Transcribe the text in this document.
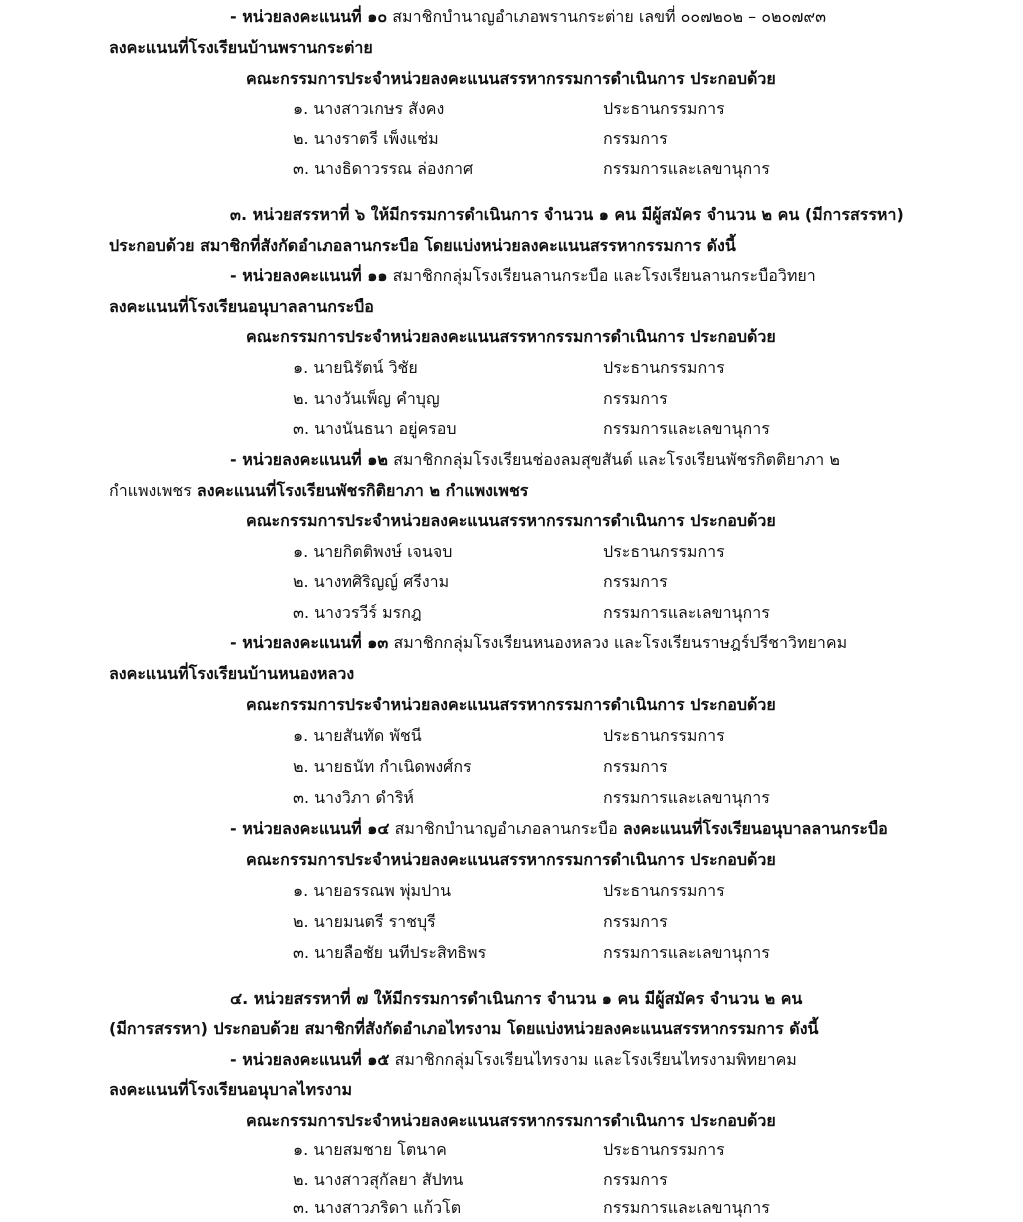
- หน่วยลงคะแนนที่ ๑๐ สมาชิกบำนาญอำเภอพรานกระต่าย เลขที่ ๐๐๗๒๐๒ – ๐๒๐๗๙๓
ลงคะแนนที่โรงเรียนบ้านพรานกระต่าย
คณะกรรมการประจำหน่วยลงคะแนนสรรหากรรมการดำเนินการ ประกอบด้วย
๑. นางสาวเกษร สังคง	ประธานกรรมการ
๒. นางราตรี เพ็งแช่ม	กรรมการ
๓. นางธิดาวรรณ ล่องกาศ	กรรมการและเลขานุการ
๓. หน่วยสรรหาที่ ๖ ให้มีกรรมการดำเนินการ จำนวน ๑ คน มีผู้สมัคร จำนวน ๒ คน (มีการสรรหา)
ประกอบด้วย สมาชิกที่สังกัดอำเภอลานกระบือ โดยแบ่งหน่วยลงคะแนนสรรหากรรมการ ดังนี้
- หน่วยลงคะแนนที่ ๑๑ สมาชิกกลุ่มโรงเรียนลานกระบือ และโรงเรียนลานกระบือวิทยา
ลงคะแนนที่โรงเรียนอนุบาลลานกระบือ
คณะกรรมการประจำหน่วยลงคะแนนสรรหากรรมการดำเนินการ ประกอบด้วย
๑. นายนิรัตน์ วิชัย	ประธานกรรมการ
๒. นางวันเพ็ญ คำบุญ	กรรมการ
๓. นางนันธนา อยู่ครอบ	กรรมการและเลขานุการ
- หน่วยลงคะแนนที่ ๑๒ สมาชิกกลุ่มโรงเรียนช่องลมสุขสันต์ และโรงเรียนพัชรกิตติยาภา ๒
กำแพงเพชร ลงคะแนนที่โรงเรียนพัชรกิติยาภา ๒ กำแพงเพชร
คณะกรรมการประจำหน่วยลงคะแนนสรรหากรรมการดำเนินการ ประกอบด้วย
๑. นายกิตติพงษ์ เจนจบ	ประธานกรรมการ
๒. นางทศิริญญ์ ศรีงาม	กรรมการ
๓. นางวรวีร์ มรกฎ	กรรมการและเลขานุการ
- หน่วยลงคะแนนที่ ๑๓ สมาชิกกลุ่มโรงเรียนหนองหลวง และโรงเรียนราษฎร์ปรีชาวิทยาคม
ลงคะแนนที่โรงเรียนบ้านหนองหลวง
คณะกรรมการประจำหน่วยลงคะแนนสรรหากรรมการดำเนินการ ประกอบด้วย
๑. นายสันทัด พัชนี	ประธานกรรมการ
๒. นายธนัท กำเนิดพงศ์กร	กรรมการ
๓. นางวิภา ดำริห์	กรรมการและเลขานุการ
- หน่วยลงคะแนนที่ ๑๔ สมาชิกบำนาญอำเภอลานกระบือ ลงคะแนนที่โรงเรียนอนุบาลลานกระบือ
คณะกรรมการประจำหน่วยลงคะแนนสรรหากรรมการดำเนินการ ประกอบด้วย
๑. นายอรรณพ พุ่มปาน	ประธานกรรมการ
๒. นายมนตรี ราชบุรี	กรรมการ
๓. นายลือชัย นทีประสิทธิพร	กรรมการและเลขานุการ
๔. หน่วยสรรหาที่ ๗ ให้มีกรรมการดำเนินการ จำนวน ๑ คน มีผู้สมัคร จำนวน ๒ คน
(มีการสรรหา) ประกอบด้วย สมาชิกที่สังกัดอำเภอไทรงาม โดยแบ่งหน่วยลงคะแนนสรรหากรรมการ ดังนี้
- หน่วยลงคะแนนที่ ๑๕ สมาชิกกลุ่มโรงเรียนไทรงาม และโรงเรียนไทรงามพิทยาคม
ลงคะแนนที่โรงเรียนอนุบาลไทรงาม
คณะกรรมการประจำหน่วยลงคะแนนสรรหากรรมการดำเนินการ ประกอบด้วย
๑. นายสมชาย โตนาค	ประธานกรรมการ
๒. นางสาวสุกัลยา สัปทน	กรรมการ
๓. นางสาวภริดา แก้วโต	กรรมการและเลขานุการ
